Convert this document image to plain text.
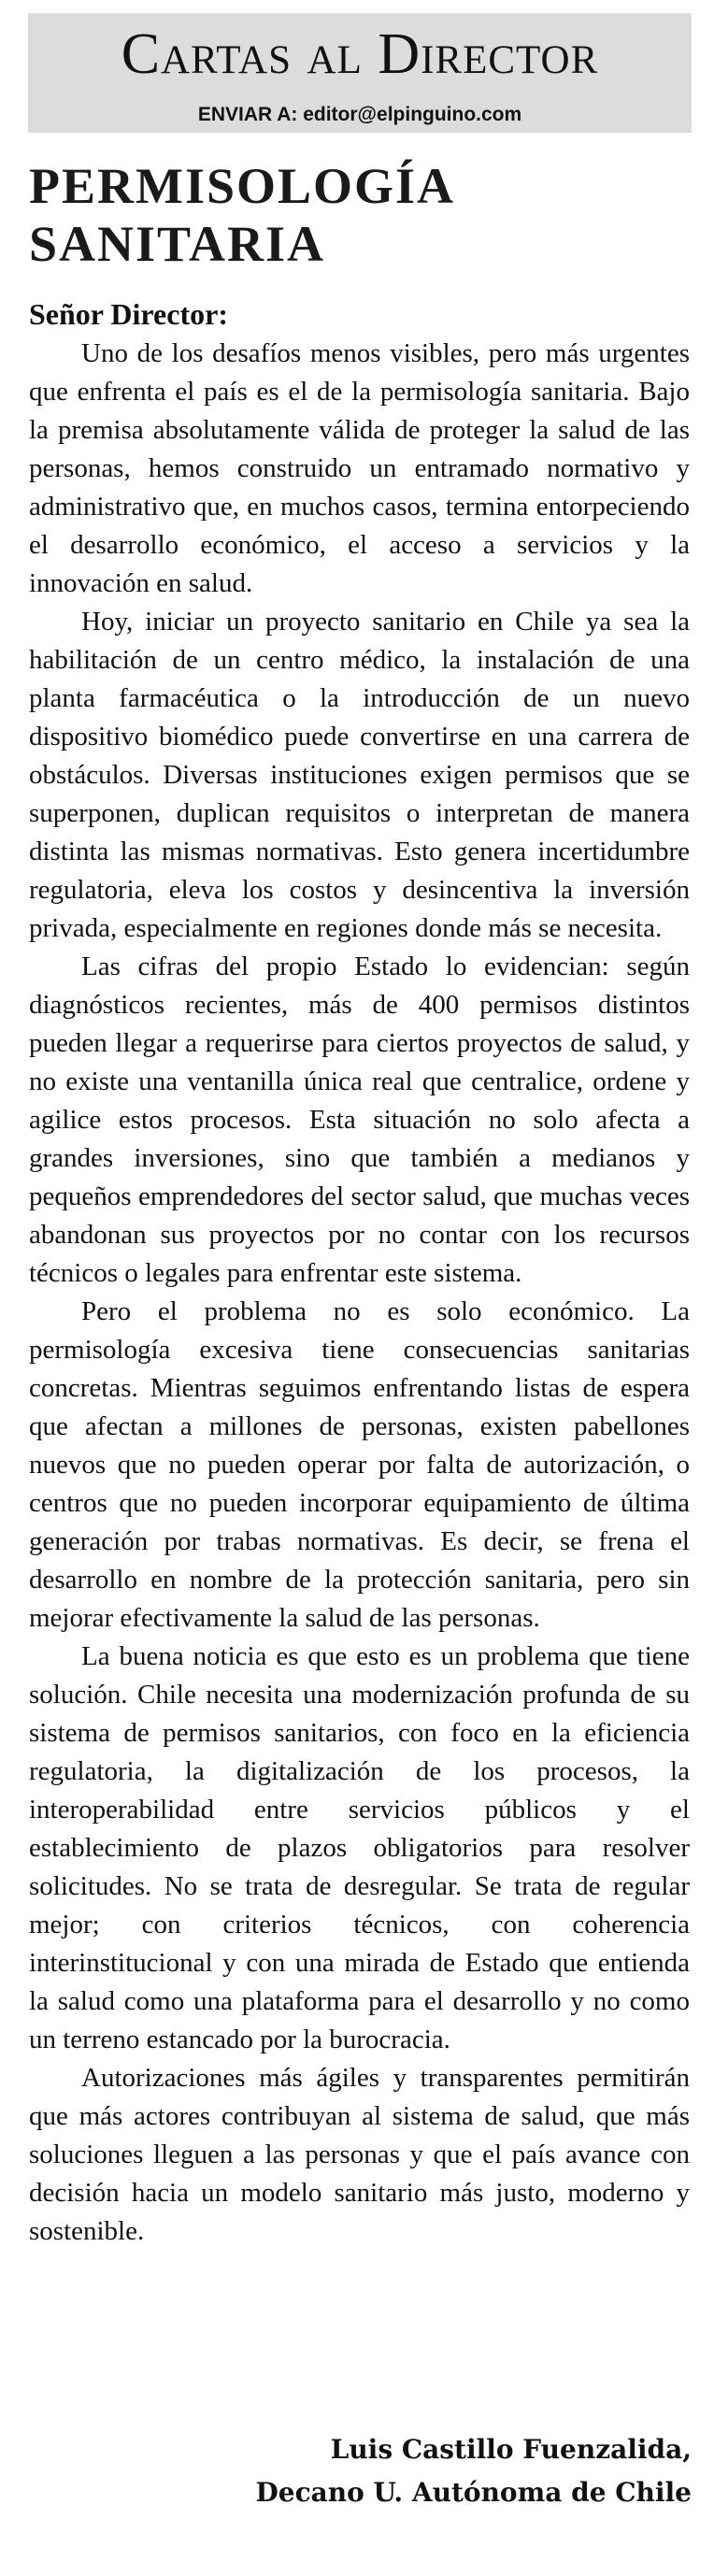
Cartas al Director
ENVIAR A: editor@elpinguino.com
PERMISOLOGÍA
SANITARIA
Señor Director:

Uno de los desafíos menos visibles, pero más urgentes que enfrenta el país es el de la permisología sanitaria. Bajo la premisa absolutamente válida de proteger la salud de las personas, hemos construido un entramado normativo y administrativo que, en muchos casos, termina entorpeciendo el desarrollo económico, el acceso a servicios y la innovación en salud.

Hoy, iniciar un proyecto sanitario en Chile ya sea la habilitación de un centro médico, la instalación de una planta farmacéutica o la introducción de un nuevo dispositivo biomédico puede convertirse en una carrera de obstáculos. Diversas instituciones exigen permisos que se superponen, duplican requisitos o interpretan de manera distinta las mismas normativas. Esto genera incertidumbre regulatoria, eleva los costos y desincentiva la inversión privada, especialmente en regiones donde más se necesita.

Las cifras del propio Estado lo evidencian: según diagnósticos recientes, más de 400 permisos distintos pueden llegar a requerirse para ciertos proyectos de salud, y no existe una ventanilla única real que centralice, ordene y agilice estos procesos. Esta situación no solo afecta a grandes inversiones, sino que también a medianos y pequeños emprendedores del sector salud, que muchas veces abandonan sus proyectos por no contar con los recursos técnicos o legales para enfrentar este sistema.

Pero el problema no es solo económico. La permisología excesiva tiene consecuencias sanitarias concretas. Mientras seguimos enfrentando listas de espera que afectan a millones de personas, existen pabellones nuevos que no pueden operar por falta de autorización, o centros que no pueden incorporar equipamiento de última generación por trabas normativas. Es decir, se frena el desarrollo en nombre de la protección sanitaria, pero sin mejorar efectivamente la salud de las personas.

La buena noticia es que esto es un problema que tiene solución. Chile necesita una modernización profunda de su sistema de permisos sanitarios, con foco en la eficiencia regulatoria, la digitalización de los procesos, la interoperabilidad entre servicios públicos y el establecimiento de plazos obligatorios para resolver solicitudes. No se trata de desregular. Se trata de regular mejor; con criterios técnicos, con coherencia interinstitucional y con una mirada de Estado que entienda la salud como una plataforma para el desarrollo y no como un terreno estancado por la burocracia.

Autorizaciones más ágiles y transparentes permitirán que más actores contribuyan al sistema de salud, que más soluciones lleguen a las personas y que el país avance con decisión hacia un modelo sanitario más justo, moderno y sostenible.

Luis Castillo Fuenzalida,
Decano U. Autónoma de Chile
